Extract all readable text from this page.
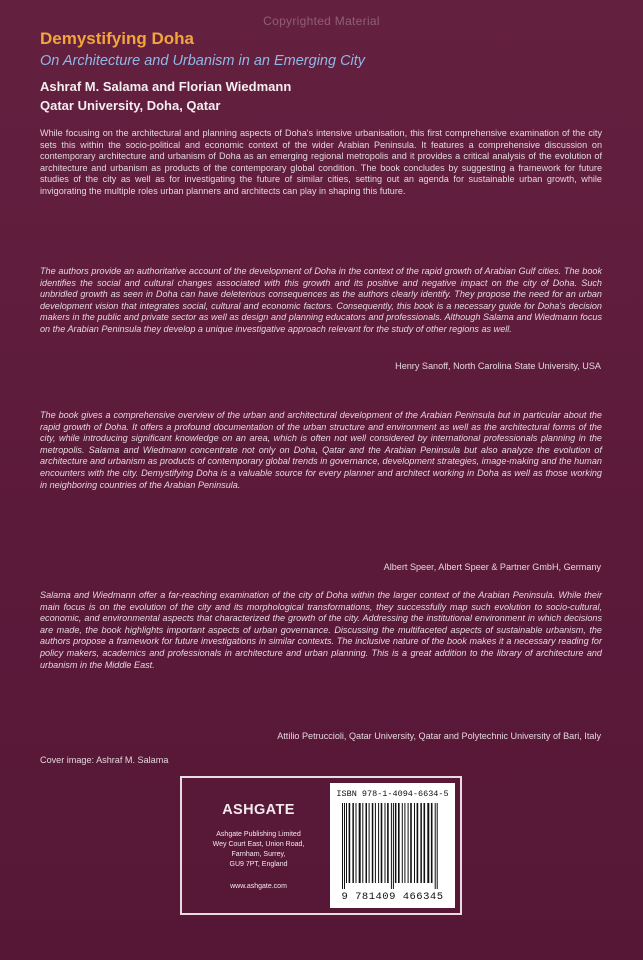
Copyrighted Material
Demystifying Doha
On Architecture and Urbanism in an Emerging City
Ashraf M. Salama and Florian Wiedmann
Qatar University, Doha, Qatar
While focusing on the architectural and planning aspects of Doha's intensive urbanisation, this first comprehensive examination of the city sets this within the socio-political and economic context of the wider Arabian Peninsula. It features a comprehensive discussion on contemporary architecture and urbanism of Doha as an emerging regional metropolis and it provides a critical analysis of the evolution of architecture and urbanism as products of the contemporary global condition. The book concludes by suggesting a framework for future studies of the city as well as for investigating the future of similar cities, setting out an agenda for sustainable urban growth, while invigorating the multiple roles urban planners and architects can play in shaping this future.
The authors provide an authoritative account of the development of Doha in the context of the rapid growth of Arabian Gulf cities. The book identifies the social and cultural changes associated with this growth and its positive and negative impact on the city of Doha. Such unbridled growth as seen in Doha can have deleterious consequences as the authors clearly identify. They propose the need for an urban development vision that integrates social, cultural and economic factors. Consequently, this book is a necessary guide for Doha's decision makers in the public and private sector as well as design and planning educators and professionals. Although Salama and Wiedmann focus on the Arabian Peninsula they develop a unique investigative approach relevant for the study of other regions as well.
Henry Sanoff, North Carolina State University, USA
The book gives a comprehensive overview of the urban and architectural development of the Arabian Peninsula but in particular about the rapid growth of Doha. It offers a profound documentation of the urban structure and environment as well as the architectural forms of the city, while introducing significant knowledge on an area, which is often not well considered by international professionals planning in the metropolis. Salama and Wiedmann concentrate not only on Doha, Qatar and the Arabian Peninsula but also analyze the evolution of architecture and urbanism as products of contemporary global trends in governance, development strategies, image-making and the human encounters with the city. Demystifying Doha is a valuable source for every planner and architect working in Doha as well as those working in neighboring countries of the Arabian Peninsula.
Albert Speer, Albert Speer & Partner GmbH, Germany
Salama and Wiedmann offer a far-reaching examination of the city of Doha within the larger context of the Arabian Peninsula. While their main focus is on the evolution of the city and its morphological transformations, they successfully map such evolution to socio-cultural, economic, and environmental aspects that characterized the growth of the city. Addressing the institutional environment in which decisions are made, the book highlights important aspects of urban governance. Discussing the multifaceted aspects of sustainable urbanism, the authors propose a framework for future investigations in similar contexts. The inclusive nature of the book makes it a necessary reading for policy makers, academics and professionals in architecture and urban planning. This is a great addition to the library of architecture and urbanism in the Middle East.
Attilio Petruccioli, Qatar University, Qatar and Polytechnic University of Bari, Italy
Cover image: Ashraf M. Salama
ASHGATE
Ashgate Publishing Limited
Wey Court East, Union Road,
Farnham, Surrey,
GU9 7PT, England
www.ashgate.com
ISBN 978-1-4094-6634-5
9 781409 466345
